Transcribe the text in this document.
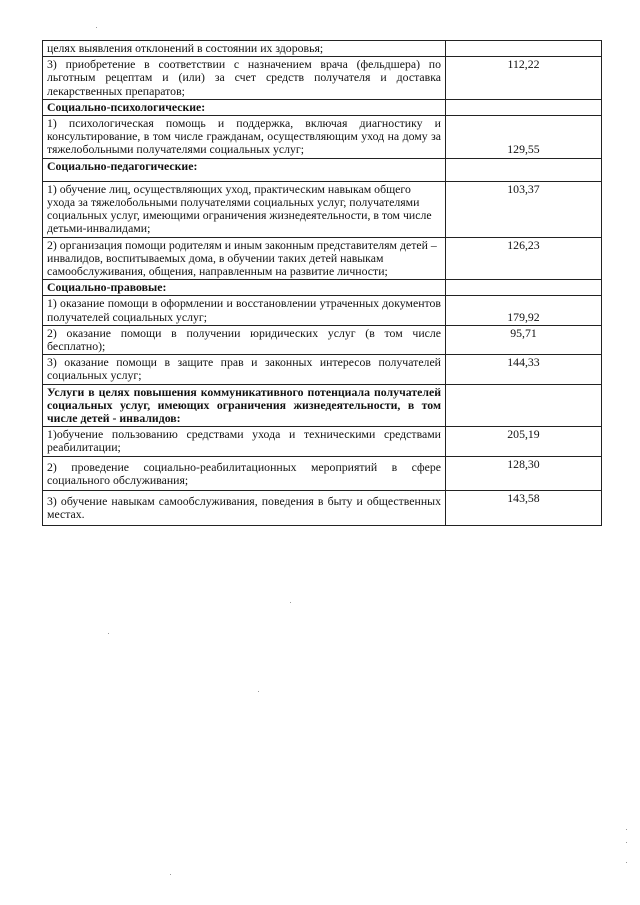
целях выявления отклонений в состоянии их здоровья;	
3) приобретение в соответствии с назначением врача (фельдшера) по льготным рецептам и (или) за счет средств получателя и доставка лекарственных препаратов;	112,22
Социально-психологические:	
1) психологическая помощь и поддержка, включая диагностику и консультирование, в том числе гражданам, осуществляющим уход на дому за тяжелобольными получателями социальных услуг;	129,55
Социально-педагогические:	
1) обучение лиц, осуществляющих уход, практическим навыкам общего ухода за тяжелобольными получателями социальных услуг, получателями социальных услуг, имеющими ограничения жизнедеятельности, в том числе детьми-инвалидами;	103,37
2) организация помощи родителям и иным законным представителям детей – инвалидов, воспитываемых дома, в обучении таких детей навыкам самообслуживания, общения, направленным на развитие личности;	126,23
Социально-правовые:	
1) оказание помощи в оформлении и восстановлении утраченных документов получателей социальных услуг;	179,92
2) оказание помощи в получении юридических услуг (в том числе бесплатно);	95,71
3) оказание помощи в защите прав и законных интересов получателей социальных услуг;	144,33
Услуги в целях повышения коммуникативного потенциала получателей социальных услуг, имеющих ограничения жизнедеятельности, в том числе детей - инвалидов:	
1)обучение пользованию средствами ухода и техническими средствами реабилитации;	205,19
2) проведение социально-реабилитационных мероприятий в сфере социального обслуживания;	128,30
3) обучение навыкам самообслуживания, поведения в быту и общественных местах.	143,58
